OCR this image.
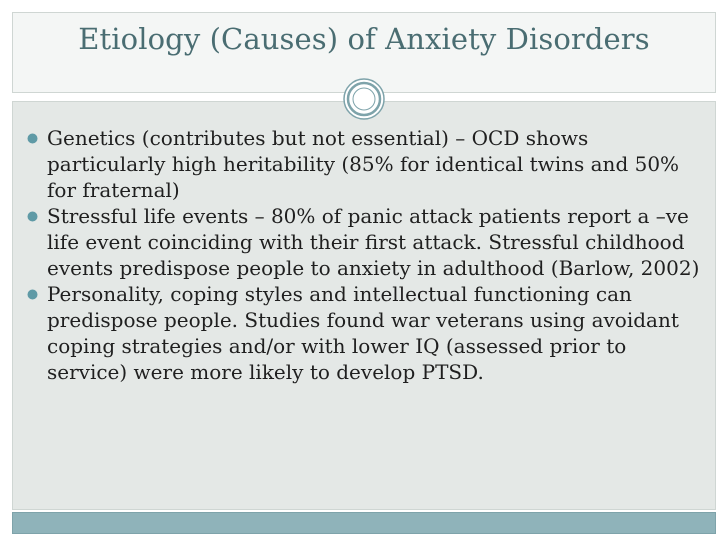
Etiology (Causes) of Anxiety Disorders
Genetics (contributes but not essential) – OCD shows particularly high heritability (85% for identical twins and 50% for fraternal)
Stressful life events – 80% of panic attack patients report a –ve life event coinciding with their first attack. Stressful childhood events predispose people to anxiety in adulthood (Barlow, 2002)
Personality, coping styles and intellectual functioning can predispose people. Studies found war veterans using avoidant coping strategies and/or with lower IQ (assessed prior to service) were more likely to develop PTSD.
